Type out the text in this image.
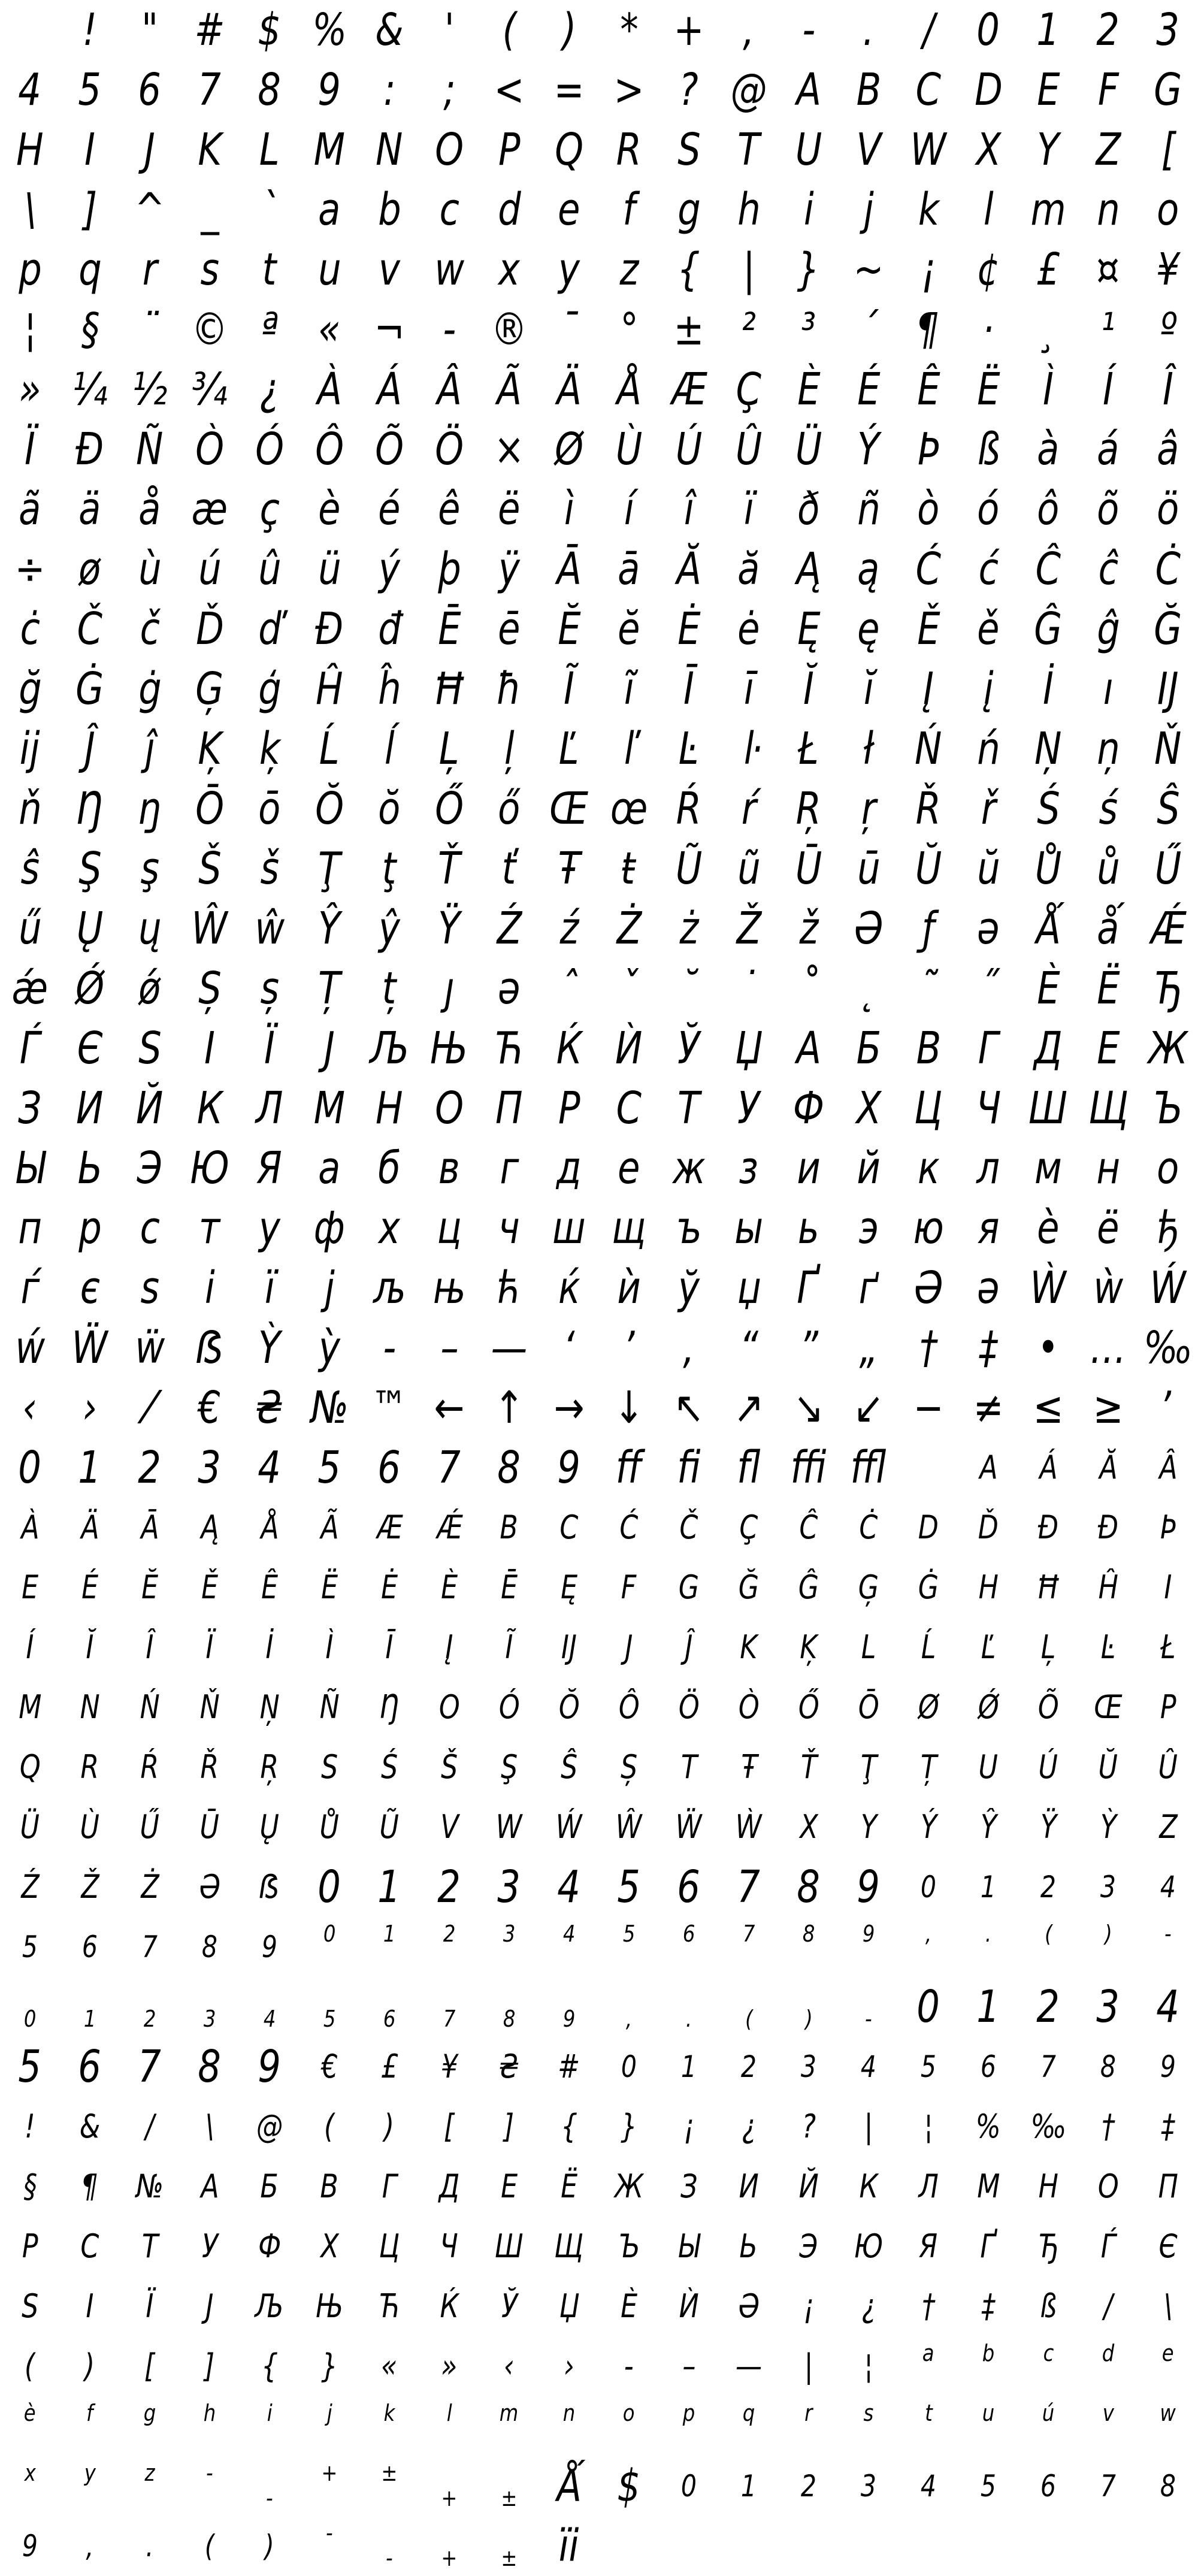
! " # $ % & ' ( ) * + , - . / 0 1 2 3
4 5 6 7 8 9 : ; < = > ? @ A B C D E F G
H I J K L M N O P Q R S T U V W X Y Z [
\ ] ^ _ ` a b c d e f g h i j k l m n o
p q r s t u v w x y z { | } ~ ¡ ¢ £ ¤ ¥
¦ § ¨ © ª « ¬ - ® ¯ ° ± ² ³ ´ ¶ · ¸ ¹ º
» ¼ ½ ¾ ¿ À Á Â Ã Ä Å Æ Ç È É Ê Ë Ì Í Î
Ï Ð Ñ Ò Ó Ô Õ Ö × Ø Ù Ú Û Ü Ý Þ ß à á â
ã ä å æ ç è é ê ë ì í î ï ð ñ ò ó ô õ ö
÷ ø ù ú û ü ý þ ÿ Ā ā Ă ă Ą ą Ć ć Ĉ ĉ Ċ
ċ Č č Ď ď Đ đ Ē ē Ĕ ĕ Ė ė Ę ę Ě ě Ĝ ĝ Ğ
ğ Ġ ġ Ģ ģ Ĥ ĥ Ħ ħ Ĩ ĩ Ī ī Ĭ ĭ Į į İ ı Ĳ
ĳ Ĵ ĵ Ķ ķ Ĺ ĺ Ļ ļ Ľ ľ Ŀ ŀ Ł ł Ń ń Ņ ņ Ň
ň Ŋ ŋ Ō ō Ŏ ŏ Ő ő Œ œ Ŕ ŕ Ŗ ŗ Ř ř Ś ś Ŝ
ŝ Ş ş Š š Ţ ţ Ť ť Ŧ ŧ Ũ ũ Ū ū Ŭ ŭ Ů ů Ű
ű Ų ų Ŵ ŵ Ŷ ŷ Ÿ Ź ź Ż ż Ž ž Ə ƒ ə Ǻ ǻ Ǽ
ǽ Ǿ ǿ Ș ș Ț ț ȷ ə ˆ ˇ ˘ ˙ ˚ ˛ ˜ ˝ Ѐ Ё Ђ
Ѓ Є Ѕ І Ї Ј Љ Њ Ћ Ќ Ѝ Ў Џ А Б В Г Д Е Ж
З И Й К Л М Н О П Р С Т У Ф Х Ц Ч Ш Щ Ъ
Ы Ь Э Ю Я а б в г д е ж з и й к л м н о
п р с т у ф х ц ч ш щ ъ ы ь э ю я ѐ ё ђ
ѓ є ѕ і ї ј љ њ ћ ќ ѝ ў џ Ґ ґ Ә ә Ẁ ẁ Ẃ
ẃ Ẅ ẅ ẞ Ỳ ỳ ‐ – — ‘ ’ ‚ “ ” „ † ‡ • … ‰
‹ › ⁄ € ₴ № ™ ← ↑ → ↓ ↖ ↗ ↘ ↙ − ≠ ≤ ≥ ʼ
0 1 2 3 4 5 6 7 8 9 ff fi fl ffi ffl	A Á Ă Â
À Ä Ā Ą Å Ã Æ Ǽ B C Ć Č Ç Ĉ Ċ D Ď Đ Ð Þ
E É Ĕ Ě Ê Ë Ė È Ē Ę F G Ğ Ĝ Ģ Ġ H Ħ Ĥ I
Í Ĭ Î Ï İ Ì Ī Į Ĩ Ĳ J Ĵ K Ķ L Ĺ Ľ Ļ Ŀ Ł
M N Ń Ň Ņ Ñ Ŋ O Ó Ŏ Ô Ö Ò Ő Ō Ø Ǿ Õ Œ P
Q R Ŕ Ř Ŗ S Ś Š Ş Ŝ Ș T Ŧ Ť Ţ Ț U Ú Ŭ Û
Ü Ù Ű Ū Ų Ů Ũ V W Ẃ Ŵ Ẅ Ẁ X Y Ý Ŷ Ÿ Ỳ Z
Ź Ž Ż Ə ẞ 0 1 2 3 4 5 6 7 8 9 0 1 2 3 4
5 6 7 8 9 0 1 2 3 4 5 6 7 8 9 , . ( ) -
0 1 2 3 4 5 6 7 8 9 , . ( ) - 0 1 2 3 4
5 6 7 8 9 € £ ¥ ₴ # 0 1 2 3 4 5 6 7 8 9
! & / \ @ ( ) [ ] { } ¡ ¿ ? | ¦ % ‰ † ‡
§ ¶ № А Б В Г Д Е Ё Ж З И Й К Л М Н О П
Р С Т У Ф Х Ц Ч Ш Щ Ъ Ы Ь Э Ю Я Ґ Ђ Ѓ Є
Ѕ І Ї Ј Љ Њ Ћ Ќ Ў Џ Ѐ Ѝ Ә ¡ ¿ † ‡ ß / \
( ) [ ] { } « » ‹ › ‐ – — | ¦ a b c d e
è f g h i j k l m n o p q r s t u ú v w
x y z -
-
+ ±
+ ± Ǻ $ 0 1 2 3 4 5 6 7 8
9 , . ( ) -
- + ± ïi
